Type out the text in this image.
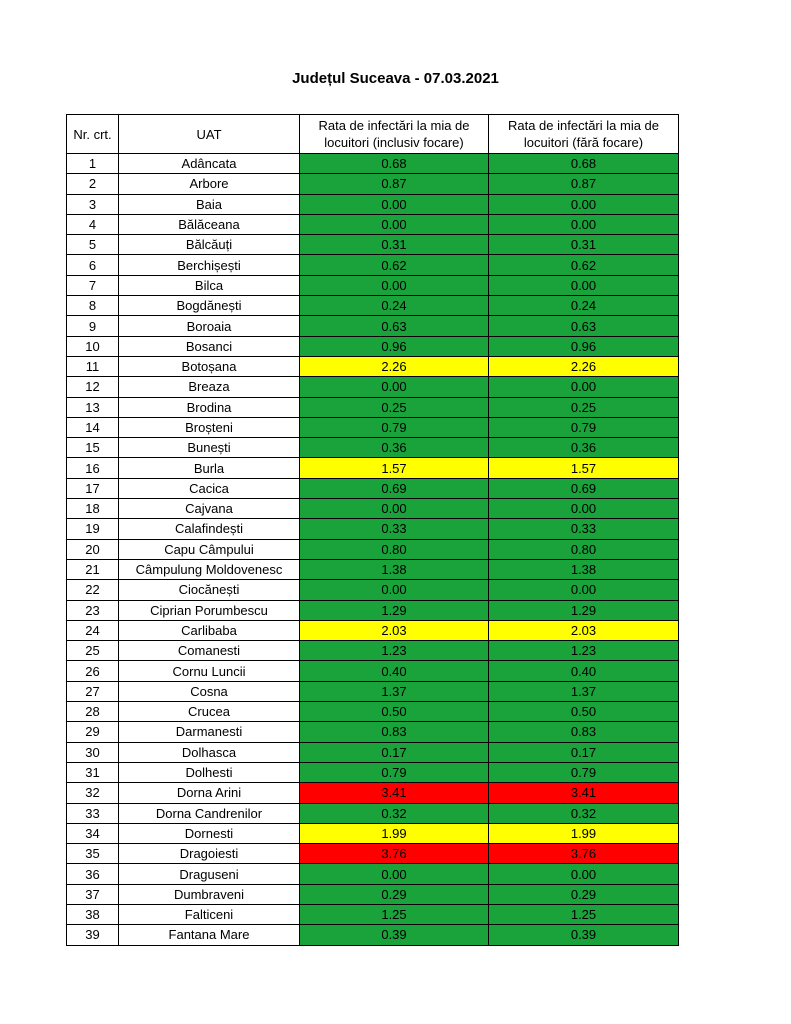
Județul Suceava - 07.03.2021
Nr. crt.	UAT	Rata de infectări la mia de locuitori (inclusiv focare)	Rata de infectări la mia de locuitori (fără focare)
1	Adâncata	0.68	0.68
2	Arbore	0.87	0.87
3	Baia	0.00	0.00
4	Bălăceana	0.00	0.00
5	Bălcăuți	0.31	0.31
6	Berchișești	0.62	0.62
7	Bilca	0.00	0.00
8	Bogdănești	0.24	0.24
9	Boroaia	0.63	0.63
10	Bosanci	0.96	0.96
11	Botoșana	2.26	2.26
12	Breaza	0.00	0.00
13	Brodina	0.25	0.25
14	Broșteni	0.79	0.79
15	Bunești	0.36	0.36
16	Burla	1.57	1.57
17	Cacica	0.69	0.69
18	Cajvana	0.00	0.00
19	Calafindești	0.33	0.33
20	Capu Câmpului	0.80	0.80
21	Câmpulung Moldovenesc	1.38	1.38
22	Ciocănești	0.00	0.00
23	Ciprian Porumbescu	1.29	1.29
24	Carlibaba	2.03	2.03
25	Comanesti	1.23	1.23
26	Cornu Luncii	0.40	0.40
27	Cosna	1.37	1.37
28	Crucea	0.50	0.50
29	Darmanesti	0.83	0.83
30	Dolhasca	0.17	0.17
31	Dolhesti	0.79	0.79
32	Dorna Arini	3.41	3.41
33	Dorna Candrenilor	0.32	0.32
34	Dornesti	1.99	1.99
35	Dragoiesti	3.76	3.76
36	Draguseni	0.00	0.00
37	Dumbraveni	0.29	0.29
38	Falticeni	1.25	1.25
39	Fantana Mare	0.39	0.39
